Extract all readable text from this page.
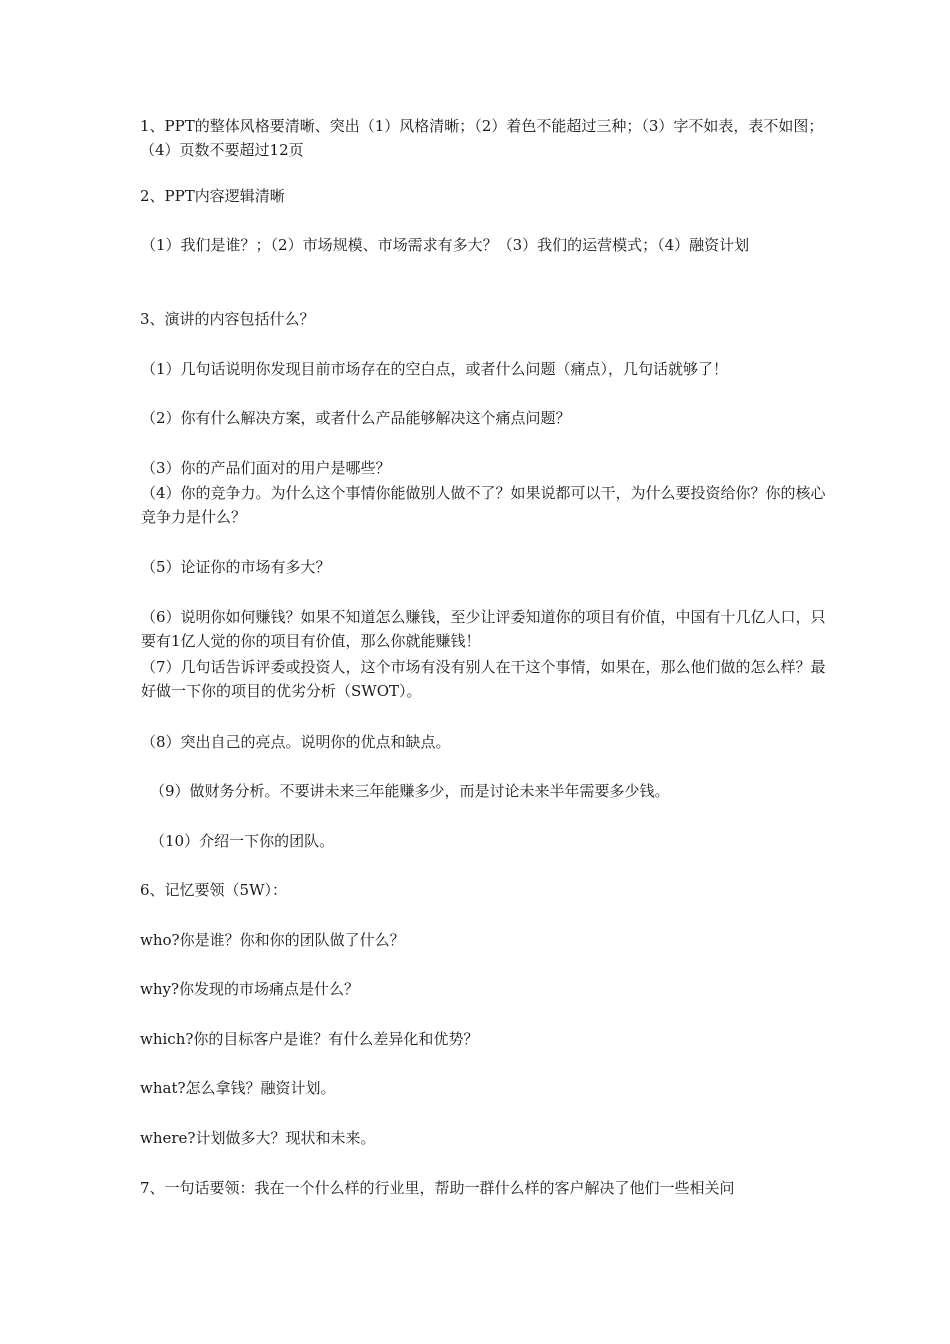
1、PPT的整体风格要清晰、突出（1）风格清晰；（2）着色不能超过三种；（3）字不如表，表不如图；（4）页数不要超过12页

2、PPT内容逻辑清晰

（1）我们是谁？；（2）市场规模、市场需求有多大？（3）我们的运营模式；（4）融资计划

3、演讲的内容包括什么？

（1）几句话说明你发现目前市场存在的空白点，或者什么问题（痛点），几句话就够了！

（2）你有什么解决方案，或者什么产品能够解决这个痛点问题？

（3）你的产品们面对的用户是哪些？

（4）你的竞争力。为什么这个事情你能做别人做不了？如果说都可以干，为什么要投资给你？你的核心竞争力是什么？

（5）论证你的市场有多大？

（6）说明你如何赚钱？如果不知道怎么赚钱，至少让评委知道你的项目有价值，中国有十几亿人口，只要有1亿人觉的你的项目有价值，那么你就能赚钱！

（7）几句话告诉评委或投资人，这个市场有没有别人在干这个事情，如果在，那么他们做的怎么样？最好做一下你的项目的优劣分析（SWOT）。

（8）突出自己的亮点。说明你的优点和缺点。

（9）做财务分析。不要讲未来三年能赚多少，而是讨论未来半年需要多少钱。

（10）介绍一下你的团队。

6、记忆要领（5W）：

who?你是谁？你和你的团队做了什么？

why?你发现的市场痛点是什么？

which?你的目标客户是谁？有什么差异化和优势？

what?怎么拿钱？融资计划。

where?计划做多大？现状和未来。

7、一句话要领：我在一个什么样的行业里，帮助一群什么样的客户解决了他们一些相关问
